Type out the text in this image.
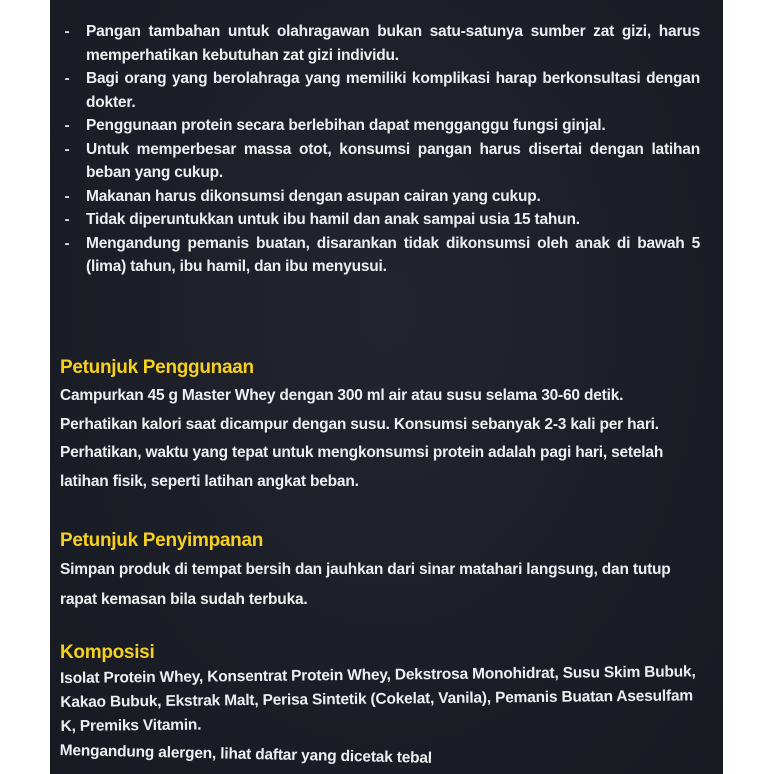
- Pangan tambahan untuk olahragawan bukan satu-satunya sumber zat gizi, harus memperhatikan kebutuhan zat gizi individu.
- Bagi orang yang berolahraga yang memiliki komplikasi harap berkonsultasi dengan dokter.
- Penggunaan protein secara berlebihan dapat mengganggu fungsi ginjal.
- Untuk memperbesar massa otot, konsumsi pangan harus disertai dengan latihan beban yang cukup.
- Makanan harus dikonsumsi dengan asupan cairan yang cukup.
- Tidak diperuntukkan untuk ibu hamil dan anak sampai usia 15 tahun.
- Mengandung pemanis buatan, disarankan tidak dikonsumsi oleh anak di bawah 5 (lima) tahun, ibu hamil, dan ibu menyusui.
Petunjuk Penggunaan

Campurkan 45 g Master Whey dengan 300 ml air atau susu selama 30-60 detik. Perhatikan kalori saat dicampur dengan susu. Konsumsi sebanyak 2-3 kali per hari. Perhatikan, waktu yang tepat untuk mengkonsumsi protein adalah pagi hari, setelah latihan fisik, seperti latihan angkat beban.

Petunjuk Penyimpanan

Simpan produk di tempat bersih dan jauhkan dari sinar matahari langsung, dan tutup rapat kemasan bila sudah terbuka.

Komposisi

Isolat Protein Whey, Konsentrat Protein Whey, Dekstrosa Monohidrat, Susu Skim Bubuk, Kakao Bubuk, Ekstrak Malt, Perisa Sintetik (Cokelat, Vanila), Pemanis Buatan Asesulfam K, Premiks Vitamin.

Mengandung alergen, lihat daftar yang dicetak tebal
